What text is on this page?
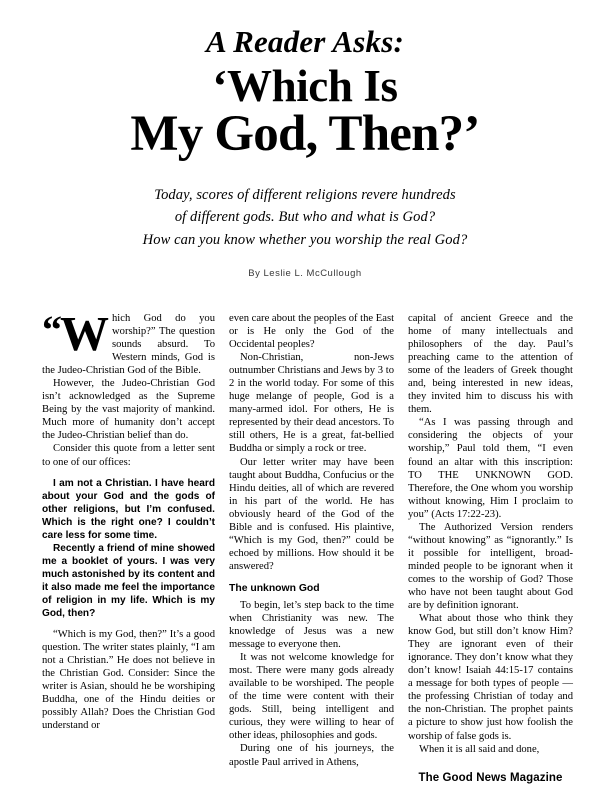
A Reader Asks:
‘Which Is
My God, Then?’
Today, scores of different religions revere hundreds
of different gods. But who and what is God?
How can you know whether you worship the real God?
By Leslie L. McCullough

“ W hich God do you worship?” The question sounds absurd. To Western minds, God is the Judeo-Christian God of the Bible.

However, the Judeo-Christian God isn’t acknowledged as the Supreme Being by the vast majority of mankind. Much more of humanity don’t accept the Judeo-Christian belief than do.

Consider this quote from a letter sent to one of our offices:

I am not a Christian. I have heard about your God and the gods of other religions, but I’m confused. Which is the right one? I couldn’t care less for some time.

Recently a friend of mine showed me a booklet of yours. I was very much astonished by its content and it also made me feel the importance of religion in my life. Which is my God, then?

“Which is my God, then?” It’s a good question. The writer states plainly, “I am not a Christian.” He does not believe in the Christian God. Consider: Since the writer is Asian, should he be worshiping Buddha, one of the Hindu deities or possibly Allah? Does the Christian God understand or

even care about the peoples of the East or is He only the God of the Occidental peoples?

Non-Christian, non-Jews outnumber Christians and Jews by 3 to 2 in the world today. For some of this huge melange of people, God is a many-armed idol. For others, He is represented by their dead ancestors. To still others, He is a great, fat-bellied Buddha or simply a rock or tree.

Our letter writer may have been taught about Buddha, Confucius or the Hindu deities, all of which are revered in his part of the world. He has obviously heard of the God of the Bible and is confused. His plaintive, “Which is my God, then?” could be echoed by millions. How should it be answered?

The unknown God

To begin, let’s step back to the time when Christianity was new. The knowledge of Jesus was a new message to everyone then.

It was not welcome knowledge for most. There were many gods already available to be worshiped. The people of the time were content with their gods. Still, being intelligent and curious, they were willing to hear of other ideas, philosophies and gods.

During one of his journeys, the apostle Paul arrived in Athens,

capital of ancient Greece and the home of many intellectuals and philosophers of the day. Paul’s preaching came to the attention of some of the leaders of Greek thought and, being interested in new ideas, they invited him to discuss his with them.

“As I was passing through and considering the objects of your worship,” Paul told them, “I even found an altar with this inscription: TO THE UNKNOWN GOD. Therefore, the One whom you worship without knowing, Him I proclaim to you” (Acts 17:22-23).

The Authorized Version renders “without knowing” as “ignorantly.” Is it possible for intelligent, broad-minded people to be ignorant when it comes to the worship of God? Those who have not been taught about God are by definition ignorant.

What about those who think they know God, but still don’t know Him? They are ignorant even of their ignorance. They don’t know what they don’t know! Isaiah 44:15-17 contains a message for both types of people — the professing Christian of today and the non-Christian. The prophet paints a picture to show just how foolish the worship of false gods is.

When it is all said and done,

The Good News Magazine
